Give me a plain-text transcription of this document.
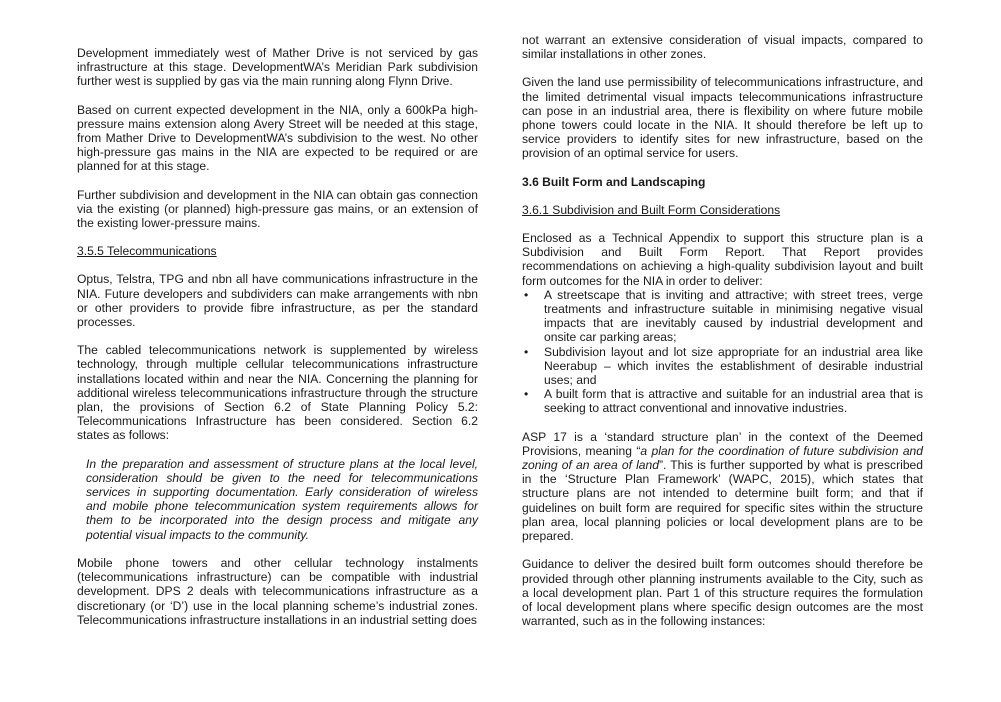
Development immediately west of Mather Drive is not serviced by gas infrastructure at this stage. DevelopmentWA’s Meridian Park subdivision further west is supplied by gas via the main running along Flynn Drive.

Based on current expected development in the NIA, only a 600kPa high-pressure mains extension along Avery Street will be needed at this stage, from Mather Drive to DevelopmentWA’s subdivision to the west. No other high-pressure gas mains in the NIA are expected to be required or are planned for at this stage.

Further subdivision and development in the NIA can obtain gas connection via the existing (or planned) high-pressure gas mains, or an extension of the existing lower-pressure mains.

3.5.5 Telecommunications

Optus, Telstra, TPG and nbn all have communications infrastructure in the NIA. Future developers and subdividers can make arrangements with nbn or other providers to provide fibre infrastructure, as per the standard processes.

The cabled telecommunications network is supplemented by wireless technology, through multiple cellular telecommunications infrastructure installations located within and near the NIA. Concerning the planning for additional wireless telecommunications infrastructure through the structure plan, the provisions of Section 6.2 of State Planning Policy 5.2: Telecommunications Infrastructure has been considered. Section 6.2 states as follows:

In the preparation and assessment of structure plans at the local level, consideration should be given to the need for telecommunications services in supporting documentation. Early consideration of wireless and mobile phone telecommunication system requirements allows for them to be incorporated into the design process and mitigate any potential visual impacts to the community.

Mobile phone towers and other cellular technology instalments (telecommunications infrastructure) can be compatible with industrial development. DPS 2 deals with telecommunications infrastructure as a discretionary (or ‘D’) use in the local planning scheme’s industrial zones. Telecommunications infrastructure installations in an industrial setting does

not warrant an extensive consideration of visual impacts, compared to similar installations in other zones.

Given the land use permissibility of telecommunications infrastructure, and the limited detrimental visual impacts telecommunications infrastructure can pose in an industrial area, there is flexibility on where future mobile phone towers could locate in the NIA. It should therefore be left up to service providers to identify sites for new infrastructure, based on the provision of an optimal service for users.

3.6 Built Form and Landscaping
3.6.1 Subdivision and Built Form Considerations

Enclosed as a Technical Appendix to support this structure plan is a Subdivision and Built Form Report. That Report provides recommendations on achieving a high-quality subdivision layout and built form outcomes for the NIA in order to deliver:

• A streetscape that is inviting and attractive; with street trees, verge treatments and infrastructure suitable in minimising negative visual impacts that are inevitably caused by industrial development and onsite car parking areas;
• Subdivision layout and lot size appropriate for an industrial area like Neerabup – which invites the establishment of desirable industrial uses; and
• A built form that is attractive and suitable for an industrial area that is seeking to attract conventional and innovative industries.

ASP 17 is a ‘standard structure plan’ in the context of the Deemed Provisions, meaning “a plan for the coordination of future subdivision and zoning of an area of land”. This is further supported by what is prescribed in the ‘Structure Plan Framework’ (WAPC, 2015), which states that structure plans are not intended to determine built form; and that if guidelines on built form are required for specific sites within the structure plan area, local planning policies or local development plans are to be prepared.

Guidance to deliver the desired built form outcomes should therefore be provided through other planning instruments available to the City, such as a local development plan. Part 1 of this structure requires the formulation of local development plans where specific design outcomes are the most warranted, such as in the following instances:
